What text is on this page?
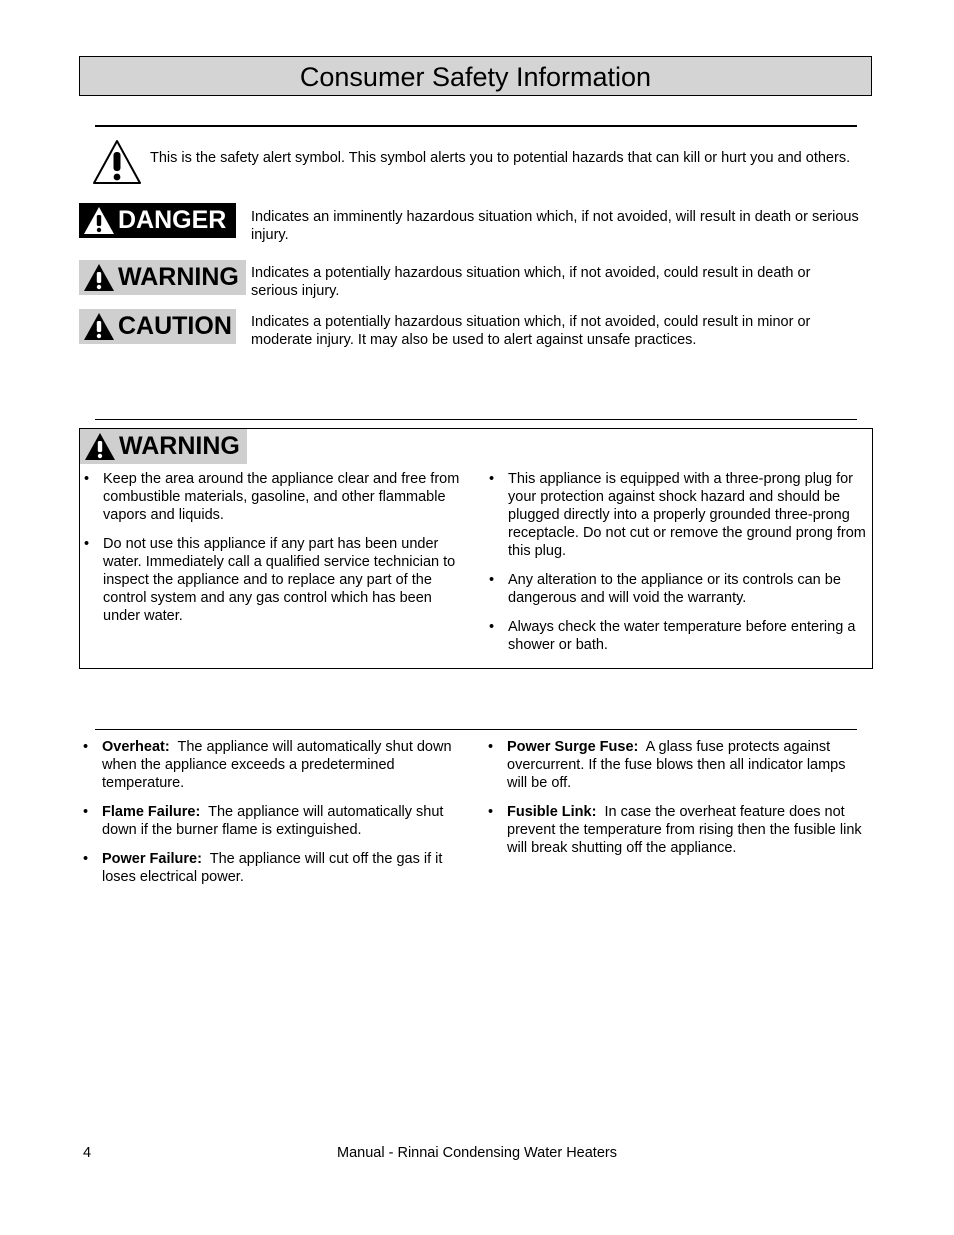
Consumer Safety Information
This is the safety alert symbol. This symbol alerts you to potential hazards that can kill or hurt you and others.
DANGER Indicates an imminently hazardous situation which, if not avoided, will result in death or serious injury.
WARNING Indicates a potentially hazardous situation which, if not avoided, could result in death or serious injury.
CAUTION Indicates a potentially hazardous situation which, if not avoided, could result in minor or moderate injury. It may also be used to alert against unsafe practices.
WARNING
• Keep the area around the appliance clear and free from combustible materials, gasoline, and other flammable vapors and liquids.
• Do not use this appliance if any part has been under water. Immediately call a qualified service technician to inspect the appliance and to replace any part of the control system and any gas control which has been under water.
• This appliance is equipped with a three-prong plug for your protection against shock hazard and should be plugged directly into a properly grounded three-prong receptacle. Do not cut or remove the ground prong from this plug.
• Any alteration to the appliance or its controls can be dangerous and will void the warranty.
• Always check the water temperature before entering a shower or bath.
• Overheat: The appliance will automatically shut down when the appliance exceeds a predetermined temperature.
• Flame Failure: The appliance will automatically shut down if the burner flame is extinguished.
• Power Failure: The appliance will cut off the gas if it loses electrical power.
• Power Surge Fuse: A glass fuse protects against overcurrent. If the fuse blows then all indicator lamps will be off.
• Fusible Link: In case the overheat feature does not prevent the temperature from rising then the fusible link will break shutting off the appliance.
4	Manual - Rinnai Condensing Water Heaters
